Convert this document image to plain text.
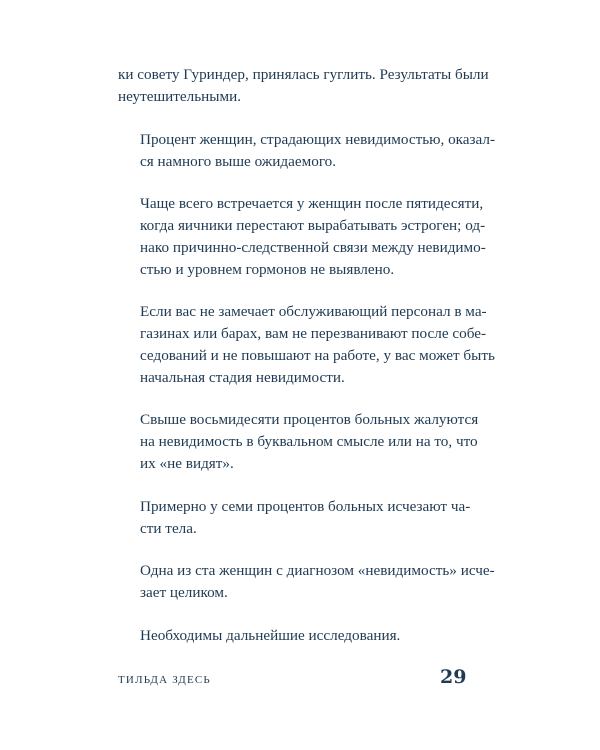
ки совету Гуриндер, принялась гуглить. Результаты были
неутешительными.
Процент женщин, страдающих невидимостью, оказал-
ся намного выше ожидаемого.
Чаще всего встречается у женщин после пятидесяти,
когда яичники перестают вырабатывать эстроген; од-
нако причинно-следственной связи между невидимо-
стью и уровнем гормонов не выявлено.
Если вас не замечает обслуживающий персонал в ма-
газинах или барах, вам не перезванивают после собе-
седований и не повышают на работе, у вас может быть
начальная стадия невидимости.
Свыше восьмидесяти процентов больных жалуются
на невидимость в буквальном смысле или на то, что
их «не видят».
Примерно у семи процентов больных исчезают ча-
сти тела.
Одна из ста женщин с диагнозом «невидимость» исче-
зает целиком.
Необходимы дальнейшие исследования.
ТИЛЬДА ЗДЕСЬ	29
